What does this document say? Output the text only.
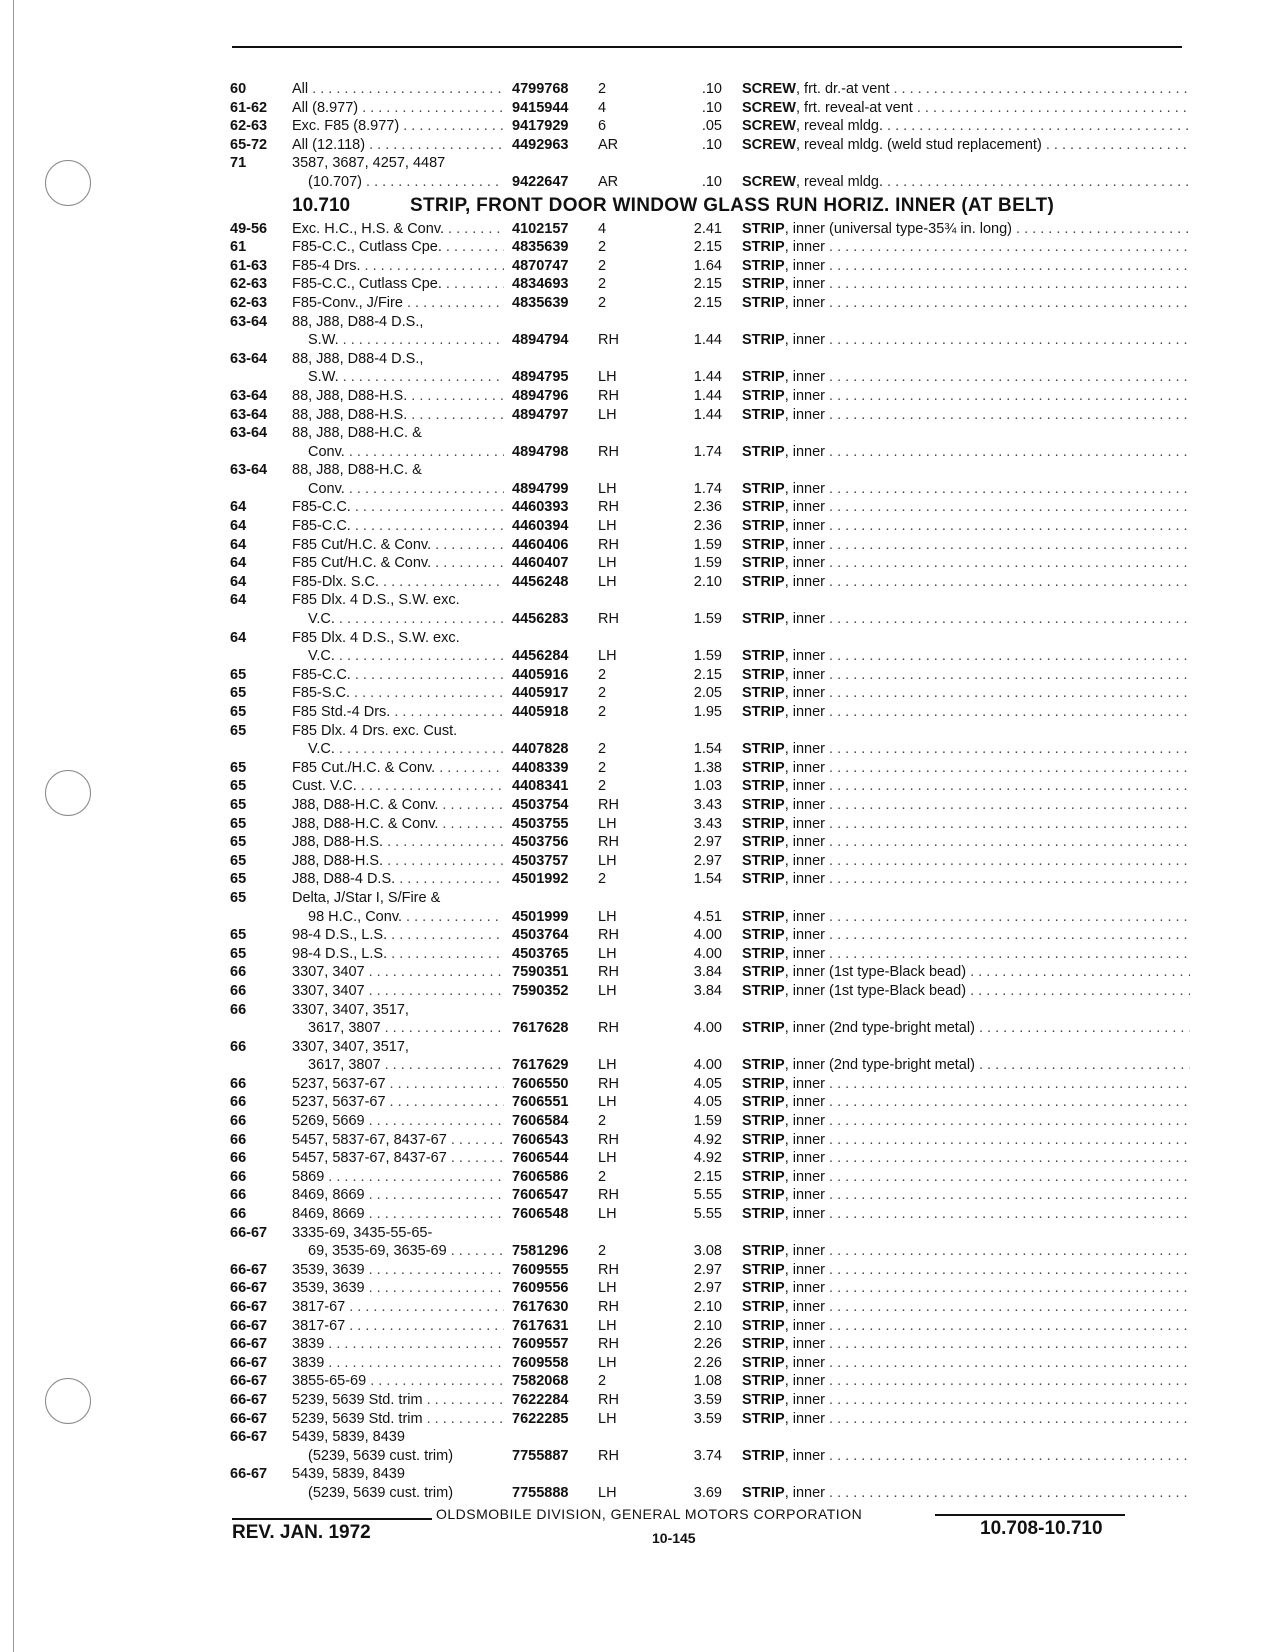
60	All . . .	4799768	2	.10 SCREW, frt. dr.-at vent . . .
61-62	All (8.977) . . .	9415944	4	.10 SCREW, frt. reveal-at vent . . .
62-63	Exc. F85 (8.977) . . .	9417929	6	.05 SCREW, reveal mldg. . . .
65-72	All (12.118) . . .	4492963	AR	.10 SCREW, reveal mldg. (weld stud replacement) . . .
71	3587, 3687, 4257, 4487
(10.707) . . .	9422647	AR	.10 SCREW, reveal mldg. . . .
10.710	STRIP, FRONT DOOR WINDOW GLASS RUN HORIZ. INNER (AT BELT)
49-56	Exc. H.C., H.S. & Conv. . . .	4102157	4	2.41 STRIP, inner (universal type-35¾ in. long) . . .
61	F85-C.C., Cutlass Cpe. . . .	4835639	2	2.15 STRIP, inner . . .
61-63	F85-4 Drs. . . .	4870747	2	1.64 STRIP, inner . . .
62-63	F85-C.C., Cutlass Cpe. . . .	4834693	2	2.15 STRIP, inner . . .
62-63	F85-Conv., J/Fire . . .	4835639	2	2.15 STRIP, inner . . .
63-64	88, J88, D88-4 D.S.,
S.W. . . .	4894794	RH	1.44 STRIP, inner . . .
63-64	88, J88, D88-4 D.S.,
S.W. . . .	4894795	LH	1.44 STRIP, inner . . .
63-64	88, J88, D88-H.S. . . .	4894796	RH	1.44 STRIP, inner . . .
63-64	88, J88, D88-H.S. . . .	4894797	LH	1.44 STRIP, inner . . .
63-64	88, J88, D88-H.C. &
Conv. . . .	4894798	RH	1.74 STRIP, inner . . .
63-64	88, J88, D88-H.C. &
Conv. . . .	4894799	LH	1.74 STRIP, inner . . .
64	F85-C.C. . . .	4460393	RH	2.36 STRIP, inner . . .
64	F85-C.C. . . .	4460394	LH	2.36 STRIP, inner . . .
64	F85 Cut/H.C. & Conv. . . .	4460406	RH	1.59 STRIP, inner . . .
64	F85 Cut/H.C. & Conv. . . .	4460407	LH	1.59 STRIP, inner . . .
64	F85-Dlx. S.C. . . .	4456248	LH	2.10 STRIP, inner . . .
64	F85 Dlx. 4 D.S., S.W. exc.
V.C. . . .	4456283	RH	1.59 STRIP, inner . . .
64	F85 Dlx. 4 D.S., S.W. exc.
V.C. . . .	4456284	LH	1.59 STRIP, inner . . .
65	F85-C.C. . . .	4405916	2	2.15 STRIP, inner . . .
65	F85-S.C. . . .	4405917	2	2.05 STRIP, inner . . .
65	F85 Std.-4 Drs. . . .	4405918	2	1.95 STRIP, inner . . .
65	F85 Dlx. 4 Drs. exc. Cust.
V.C. . . .	4407828	2	1.54 STRIP, inner . . .
65	F85 Cut./H.C. & Conv. . . .	4408339	2	1.38 STRIP, inner . . .
65	Cust. V.C. . . .	4408341	2	1.03 STRIP, inner . . .
65	J88, D88-H.C. & Conv. . . .	4503754	RH	3.43 STRIP, inner . . .
65	J88, D88-H.C. & Conv. . . .	4503755	LH	3.43 STRIP, inner . . .
65	J88, D88-H.S. . . .	4503756	RH	2.97 STRIP, inner . . .
65	J88, D88-H.S. . . .	4503757	LH	2.97 STRIP, inner . . .
65	J88, D88-4 D.S. . . .	4501992	2	1.54 STRIP, inner . . .
65	Delta, J/Star I, S/Fire &
98 H.C., Conv. . . .	4501999	LH	4.51 STRIP, inner . . .
65	98-4 D.S., L.S. . . .	4503764	RH	4.00 STRIP, inner . . .
65	98-4 D.S., L.S. . . .	4503765	LH	4.00 STRIP, inner . . .
66	3307, 3407 . . .	7590351	RH	3.84 STRIP, inner (1st type-Black bead) . . .
66	3307, 3407 . . .	7590352	LH	3.84 STRIP, inner (1st type-Black bead) . . .
66	3307, 3407, 3517,
3617, 3807 . . .	7617628	RH	4.00 STRIP, inner (2nd type-bright metal) . . .
66	3307, 3407, 3517,
3617, 3807 . . .	7617629	LH	4.00 STRIP, inner (2nd type-bright metal) . . .
66	5237, 5637-67 . . .	7606550	RH	4.05 STRIP, inner . . .
66	5237, 5637-67 . . .	7606551	LH	4.05 STRIP, inner . . .
66	5269, 5669 . . .	7606584	2	1.59 STRIP, inner . . .
66	5457, 5837-67, 8437-67 . . .	7606543	RH	4.92 STRIP, inner . . .
66	5457, 5837-67, 8437-67 . . .	7606544	LH	4.92 STRIP, inner . . .
66	5869 . . .	7606586	2	2.15 STRIP, inner . . .
66	8469, 8669 . . .	7606547	RH	5.55 STRIP, inner . . .
66	8469, 8669 . . .	7606548	LH	5.55 STRIP, inner . . .
66-67	3335-69, 3435-55-65-
69, 3535-69, 3635-69 . . .	7581296	2	3.08 STRIP, inner . . .
66-67	3539, 3639 . . .	7609555	RH	2.97 STRIP, inner . . .
66-67	3539, 3639 . . .	7609556	LH	2.97 STRIP, inner . . .
66-67	3817-67 . . .	7617630	RH	2.10 STRIP, inner . . .
66-67	3817-67 . . .	7617631	LH	2.10 STRIP, inner . . .
66-67	3839 . . .	7609557	RH	2.26 STRIP, inner . . .
66-67	3839 . . .	7609558	LH	2.26 STRIP, inner . . .
66-67	3855-65-69 . . .	7582068	2	1.08 STRIP, inner . . .
66-67	5239, 5639 Std. trim . . .	7622284	RH	3.59 STRIP, inner . . .
66-67	5239, 5639 Std. trim . . .	7622285	LH	3.59 STRIP, inner . . .
66-67	5439, 5839, 8439
(5239, 5639 cust. trim)	7755887	RH	3.74 STRIP, inner . . .
66-67	5439, 5839, 8439
(5239, 5639 cust. trim)	7755888	LH	3.69 STRIP, inner . . .
OLDSMOBILE DIVISION, GENERAL MOTORS CORPORATION
REV. JAN. 1972	10-145	10.708-10.710
